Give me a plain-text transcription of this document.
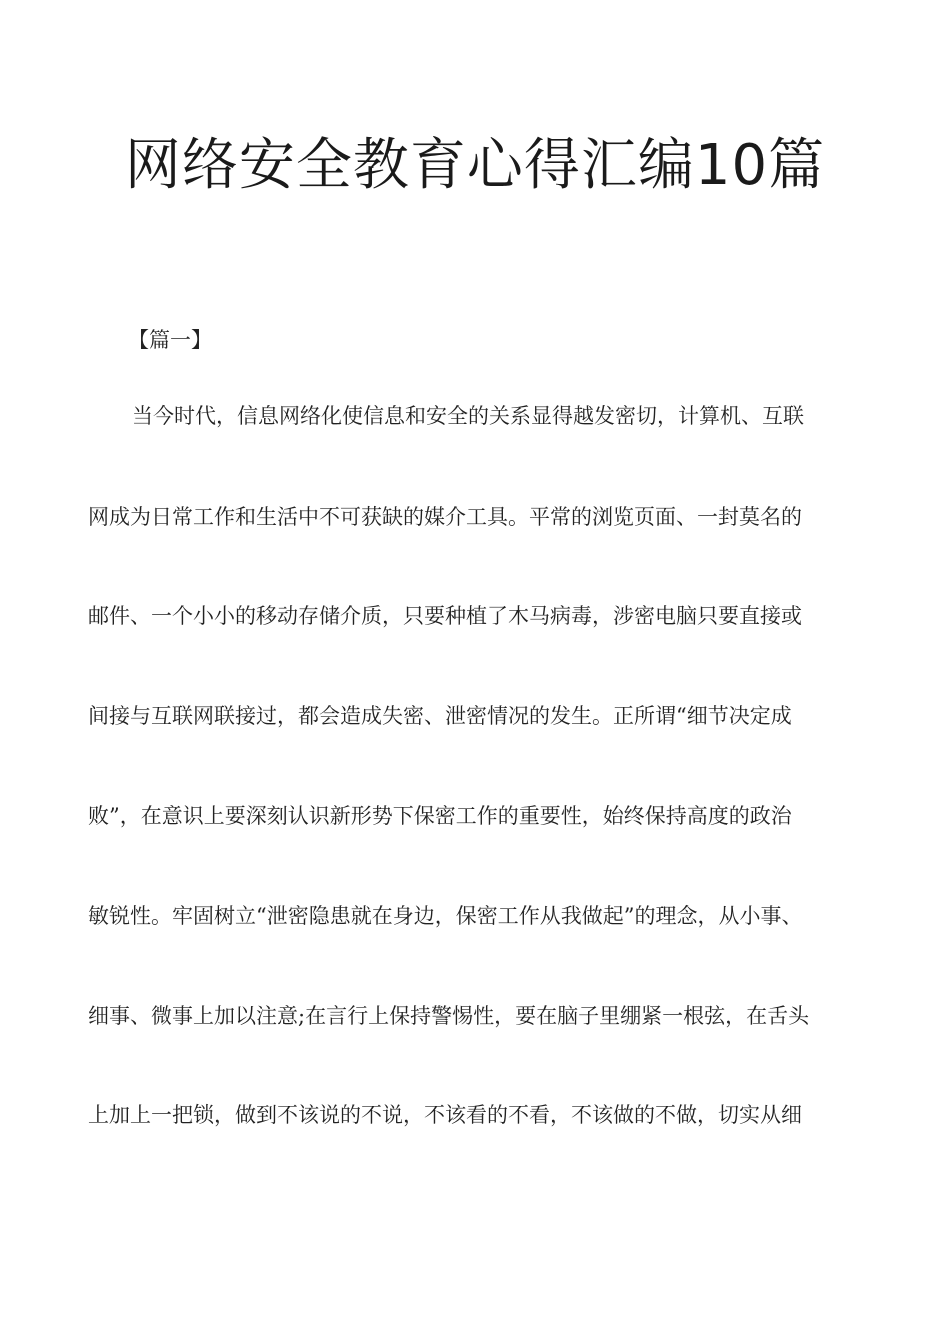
网络安全教育心得汇编10篇

【篇一】

当今时代，信息网络化使信息和安全的关系显得越发密切，计算机、互联

网成为日常工作和生活中不可获缺的媒介工具。平常的浏览页面、一封莫名的

邮件、一个小小的移动存储介质，只要种植了木马病毒，涉密电脑只要直接或

间接与互联网联接过，都会造成失密、泄密情况的发生。正所谓“细节决定成

败”，在意识上要深刻认识新形势下保密工作的重要性，始终保持高度的政治

敏锐性。牢固树立“泄密隐患就在身边，保密工作从我做起”的理念，从小事、

细事、微事上加以注意;在言行上保持警惕性，要在脑子里绷紧一根弦，在舌头

上加上一把锁，做到不该说的不说，不该看的不看，不该做的不做，切实从细
